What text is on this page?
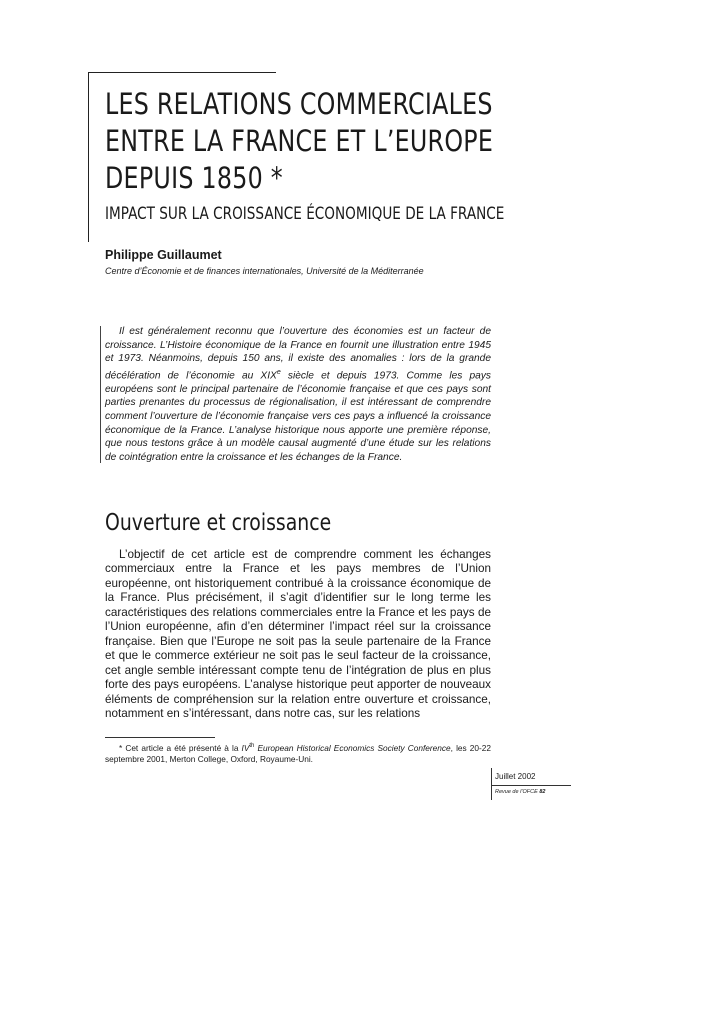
LES RELATIONS COMMERCIALES
ENTRE LA FRANCE ET L’EUROPE
DEPUIS 1850 *
IMPACT SUR LA CROISSANCE ÉCONOMIQUE DE LA FRANCE
Philippe Guillaumet
Centre d’Économie et de finances internationales, Université de la Méditerranée
Il est généralement reconnu que l’ouverture des économies est un facteur de croissance. L’Histoire économique de la France en fournit une illustration entre 1945 et 1973. Néanmoins, depuis 150 ans, il existe des anomalies : lors de la grande décélération de l’économie au XIXe siècle et depuis 1973. Comme les pays européens sont le principal partenaire de l’économie française et que ces pays sont parties prenantes du processus de régionalisation, il est intéressant de comprendre comment l’ouverture de l’économie française vers ces pays a influencé la croissance économique de la France. L’analyse historique nous apporte une première réponse, que nous testons grâce à un modèle causal augmenté d’une étude sur les relations de cointégration entre la croissance et les échanges de la France.
Ouverture et croissance
L’objectif de cet article est de comprendre comment les échanges commerciaux entre la France et les pays membres de l’Union européenne, ont historiquement contribué à la croissance économique de la France. Plus précisément, il s’agit d’identifier sur le long terme les caractéristiques des relations commerciales entre la France et les pays de l’Union européenne, afin d’en déterminer l’impact réel sur la croissance française. Bien que l’Europe ne soit pas la seule partenaire de la France et que le commerce extérieur ne soit pas le seul facteur de la croissance, cet angle semble intéressant compte tenu de l’intégration de plus en plus forte des pays européens. L’analyse historique peut apporter de nouveaux éléments de compréhension sur la relation entre ouverture et croissance, notamment en s’intéressant, dans notre cas, sur les relations
* Cet article a été présenté à la IVth European Historical Economics Society Conference, les 20-22 septembre 2001, Merton College, Oxford, Royaume-Uni.
Juillet 2002
Revue de l’OFCE 82
